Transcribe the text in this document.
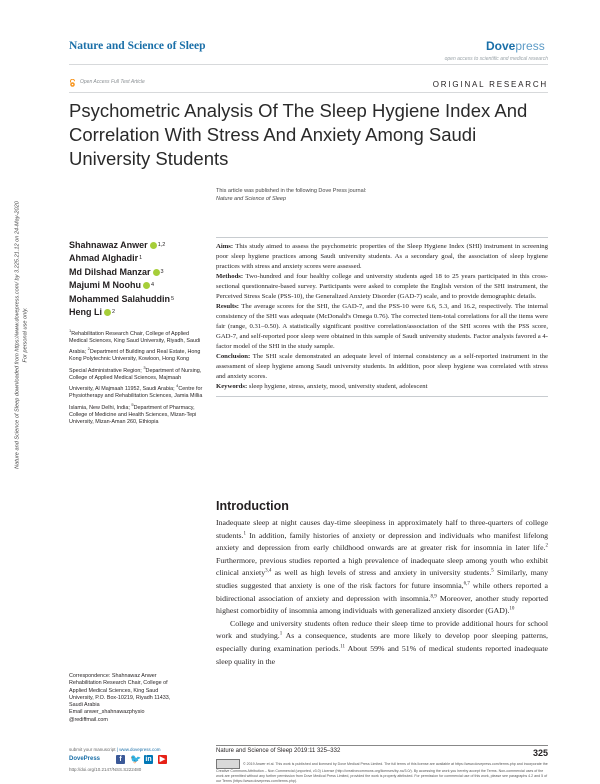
Nature and Science of Sleep	Dovepress
open access to scientific and medical research
Open Access Full Text Article	ORIGINAL RESEARCH
Psychometric Analysis Of The Sleep Hygiene Index And Correlation With Stress And Anxiety Among Saudi University Students
Nature and Science of Sleep downloaded from https://www.dovepress.com/ by 3.225.21.12 on 24-May-2020 For personal use only.
This article was published in the following Dove Press journal:
Nature and Science of Sleep
Shahnawaz Anwer 1,2
Ahmad Alghadir 1
Md Dilshad Manzar 3
Majumi M Noohu 4
Mohammed Salahuddin 5
Heng Li 2
$^1$Rehabilitation Research Chair, College of Applied Medical Sciences, King Saud University, Riyadh, Saudi Arabia; $^2$Department of Building and Real Estate, Hong Kong Polytechnic University, Kowloon, Hong Kong Special Administrative Region; $^3$Department of Nursing, College of Applied Medical Sciences, Majmaah University, Al Majmaah 11952, Saudi Arabia; $^4$Centre for Physiotherapy and Rehabilitation Sciences, Jamia Millia Islamia, New Delhi, India; $^5$Department of Pharmacy, College of Medicine and Health Sciences, Mizan-Tepi University, Mizan-Aman 260, Ethiopia
Correspondence: Shahnawaz Anwer
Rehabilitation Research Chair, College of
Applied Medical Sciences, King Saud
University, P.O. Box-10219, Riyadh 11433,
Saudi Arabia
Email anwer_shahnawazphysio
@rediffmail.com

Aims: This study aimed to assess the psychometric properties of the Sleep Hygiene Index (SHI) instrument in screening poor sleep hygiene practices among Saudi university students. As a secondary goal, the association of sleep hygiene practices with stress and anxiety scores were assessed.

Methods: Two-hundred and four healthy college and university students aged 18 to 25 years participated in this cross-sectional questionnaire-based survey. Participants were asked to complete the English version of the SHI instrument, the Perceived Stress Scale (PSS-10), the Generalized Anxiety Disorder (GAD-7) scale, and to provide demographic details.

Results: The average scores for the SHI, the GAD-7, and the PSS-10 were 6.6, 5.3, and 16.2, respectively. The internal consistency of the SHI was adequate (McDonald's Omega 0.76). The corrected item-total correlations for all the items were fair (range, 0.31–0.50). A statistically significant positive correlation/association of the SHI scores with the PSS score, GAD-7, and self-reported poor sleep were obtained in this sample of Saudi university students. Factor analysis favored a 4-factor model of the SHI in the study sample.

Conclusion: The SHI scale demonstrated an adequate level of internal consistency as a self-reported instrument in the assessment of sleep hygiene among Saudi university students. In addition, poor sleep hygiene was correlated with stress and anxiety scores.

Keywords: sleep hygiene, stress, anxiety, mood, university student, adolescent

Introduction

Inadequate sleep at night causes day-time sleepiness in approximately half to three-quarters of college students.$^1$ In addition, family histories of anxiety or depression and individuals who manifest lifelong anxiety and depression from early childhood onwards are at greater risk for insomnia in later life.$^2$ Furthermore, previous studies reported a high prevalence of inadequate sleep among youth who exhibit clinical anxiety$^{3,4}$ as well as high levels of stress and anxiety in university students.$^5$ Similarly, many studies suggested that anxiety is one of the risk factors for future insomnia,$^{6,7}$ while others reported a bidirectional association of anxiety and depression with insomnia.$^{8,9}$ Moreover, another study reported highest comorbidity of insomnia among individuals with generalized anxiety disorder (GAD).$^{10}$

College and university students often reduce their sleep time to provide additional hours for school work and studying.$^1$ As a consequence, students are more likely to develop poor sleeping patterns, especially during examination periods.$^{11}$ About 59% and 51% of medical students reported inadequate sleep quality in the

submit your manuscript | www.dovepress.com
DovePress	f 🐦 in ▶
http://doi.org/10.2147/NSS.S222480
Nature and Science of Sleep 2019:11 325–332	325
© 2019 Anwer et al. This work is published and licensed by Dove Medical Press Limited. The full terms of this license are available at https://www.dovepress.com/terms.php and incorporate the Creative Commons Attribution – Non Commercial (unported, v3.0) License (http://creativecommons.org/licenses/by-nc/3.0/). By accessing the work you hereby accept the Terms. Non-commercial uses of the work are permitted without any further permission from Dove Medical Press Limited, provided the work is properly attributed. For permission for commercial use of this work, please see paragraphs 4.2 and 5 of our Terms (https://www.dovepress.com/terms.php).
